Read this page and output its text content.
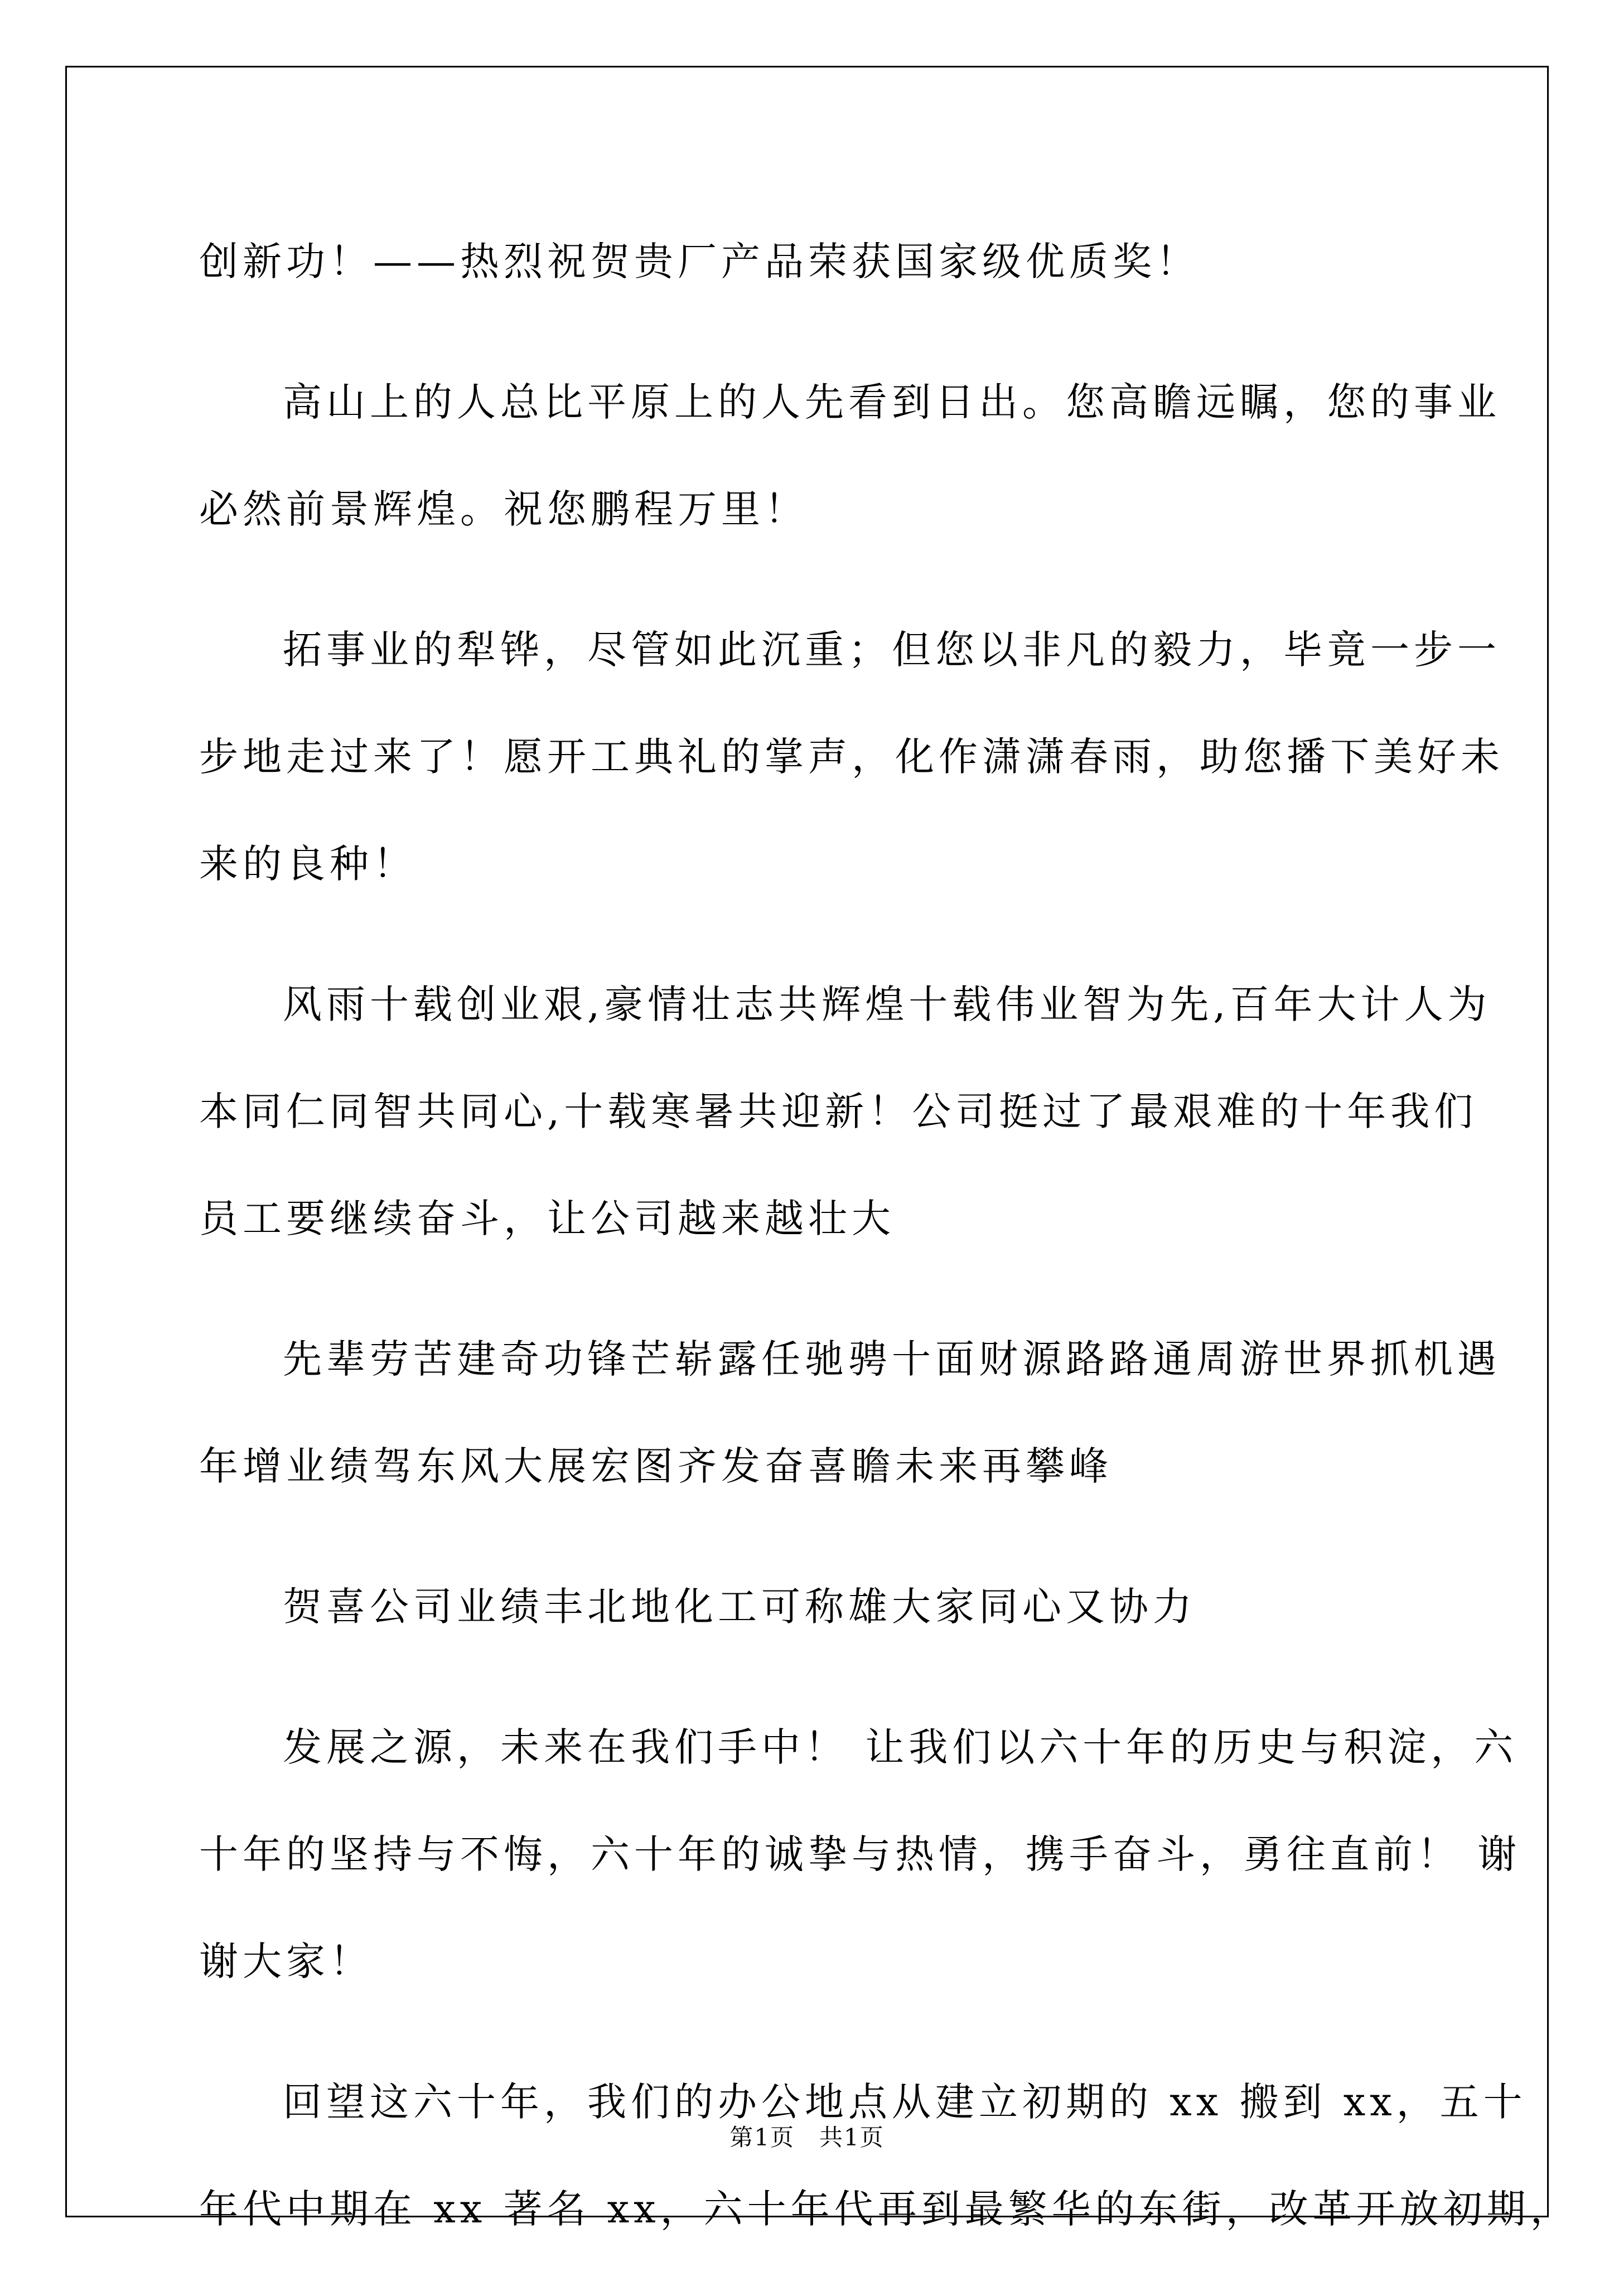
创新功！——热烈祝贺贵厂产品荣获国家级优质奖！
高山上的人总比平原上的人先看到日出。您高瞻远瞩，您的事业
必然前景辉煌。祝您鹏程万里！
拓事业的犁铧，尽管如此沉重；但您以非凡的毅力，毕竟一步一
步地走过来了！愿开工典礼的掌声，化作潇潇春雨，助您播下美好未
来的良种！
风雨十载创业艰,豪情壮志共辉煌十载伟业智为先,百年大计人为
本同仁同智共同心,十载寒暑共迎新！公司挺过了最艰难的十年我们
员工要继续奋斗，让公司越来越壮大
先辈劳苦建奇功锋芒崭露任驰骋十面财源路路通周游世界抓机遇
年增业绩驾东风大展宏图齐发奋喜瞻未来再攀峰
贺喜公司业绩丰北地化工可称雄大家同心又协力
发展之源，未来在我们手中！ 让我们以六十年的历史与积淀，六
十年的坚持与不悔，六十年的诚挚与热情，携手奋斗，勇往直前！ 谢
谢大家！
回望这六十年，我们的办公地点从建立初期的 xx 搬到 xx，五十
年代中期在 xx 著名 xx，六十年代再到最繁华的东街，改革开放初期，
第1页　共1页
